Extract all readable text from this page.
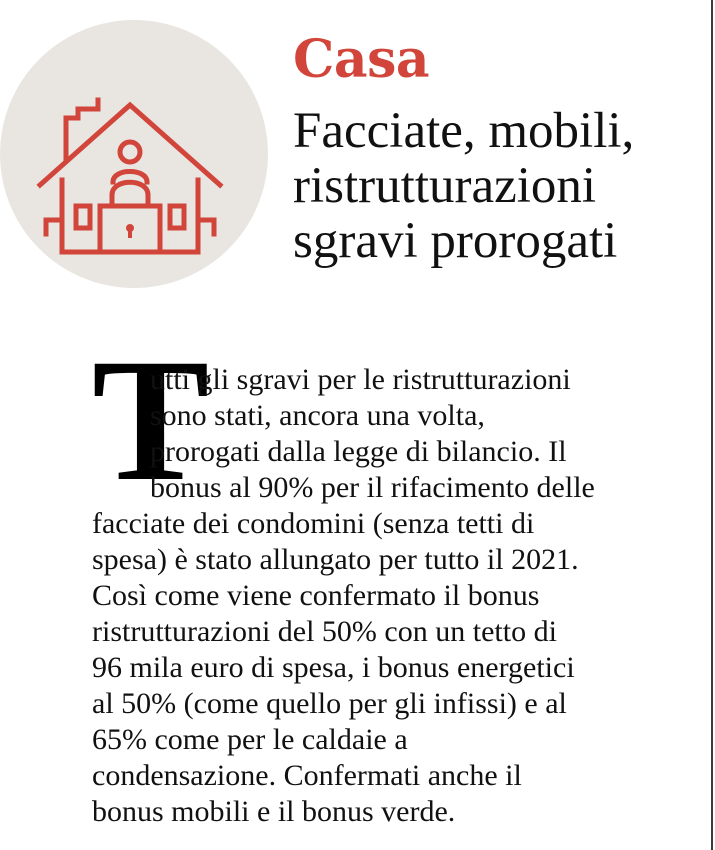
Casa
Facciate, mobili,
ristrutturazioni
sgravi prorogati
T
utti gli sgravi per le ristrutturazioni
sono stati, ancora una volta,
prorogati dalla legge di bilancio. Il
bonus al 90% per il rifacimento delle
facciate dei condomini (senza tetti di
spesa) è stato allungato per tutto il 2021.
Così come viene confermato il bonus
ristrutturazioni del 50% con un tetto di
96 mila euro di spesa, i bonus energetici
al 50% (come quello per gli infissi) e al
65% come per le caldaie a
condensazione. Confermati anche il
bonus mobili e il bonus verde.
